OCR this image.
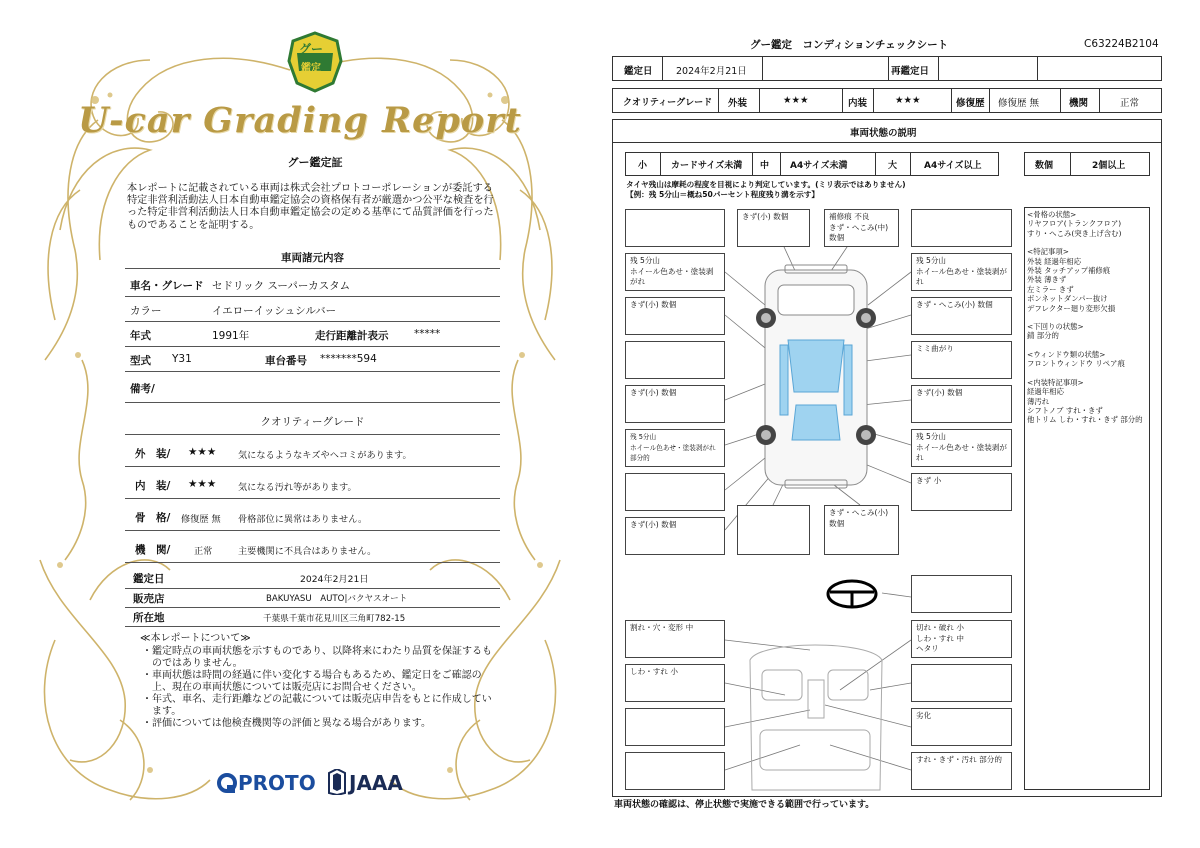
グー
鑑定
U-car Grading Report
グー鑑定証
本レポートに記載されている車両は株式会社プロトコーポレーションが委託する特定非営利活動法人日本自動車鑑定協会の資格保有者が厳選かつ公平な検査を行った特定非営利活動法人日本自動車鑑定協会の定める基準にて品質評価を行ったものであることを証明する。
車両諸元内容
車名・グレード セドリック スーパーカスタム
カラー	イエローイッシュシルバー
年式	1991年	走行距離計表示 *****
型式 Y31	車台番号 *******594
備考/
クオリティーグレード
外　装/ ★★★ 気になるようなキズやヘコミがあります。
内　装/ ★★★ 気になる汚れ等があります。
骨　格/ 修復歴 無 骨格部位に異常はありません。
機　関/	正常	主要機関に不具合はありません。
鑑定日	2024年2月21日
販売店	BAKUYASU　AUTO|バクヤスオート
所在地	千葉県千葉市花見川区三角町782-15
≪本レポートについて≫
・鑑定時点の車両状態を示すものであり、以降将来にわたり品質を保証するものではありません。
・車両状態は時間の経過に伴い変化する場合もあるため、鑑定日をご確認の上、現在の車両状態については販売店にお問合せください。
・年式、車名、走行距離などの記載については販売店申告をもとに作成しています。
・評価については他検査機関等の評価と異なる場合があります。
PROTO JAAA
グー鑑定　コンディションチェックシート	C63224B2104
鑑定日 2024年2月21日	再鑑定日
クオリティーグレード 外装	★★★	内装	★★★	修復歴 修復歴 無	機関	正常
車両状態の説明
小	カードサイズ未満 中 A4サイズ未満	大	A4サイズ以上	数個	2個以上
タイヤ残山は摩耗の程度を目視により判定しています。(ミリ表示ではありません)
【例：残 5分山＝概ね50パーセント程度残り溝を示す】
きず(小) 数個	補修痕 不良
きず・へこみ(中) 数個
残 5分山
ホイール色あせ・塗装剥がれ
きず(小) 数個
きず(小) 数個
残 5分山
ホイール色あせ・塗装剥がれ 部分的
きず(小) 数個
きず・へこみ(小) 数個
残 5分山
ホイール色あせ・塗装剥がれ
きず・へこみ(小) 数個
ミミ曲がり
きず(小) 数個
残 5分山
ホイール色あせ・塗装剥がれ
きず 小
割れ・穴・変形 中
しわ・すれ 小
切れ・破れ 小
しわ・すれ 中
ヘタリ
劣化
すれ・きず・汚れ 部分的
<骨格の状態>
リヤフロア(トランクフロア)
すり・へこみ(突き上げ含む)
<特記事項>
外装 経過年相応
外装 タッチアップ補修痕
外装 薄きず
左ミラー きず
ボンネットダンパー抜け
デフレクター廻り変形欠損
<下回りの状態>
錆 部分的
<ウィンドウ類の状態>
フロントウィンドウ リペア痕
<内装特記事項>
経過年相応
薄汚れ
シフトノブ すれ・きず
他トリム しわ・すれ・きず 部分的
車両状態の確認は、停止状態で実施できる範囲で行っています。
